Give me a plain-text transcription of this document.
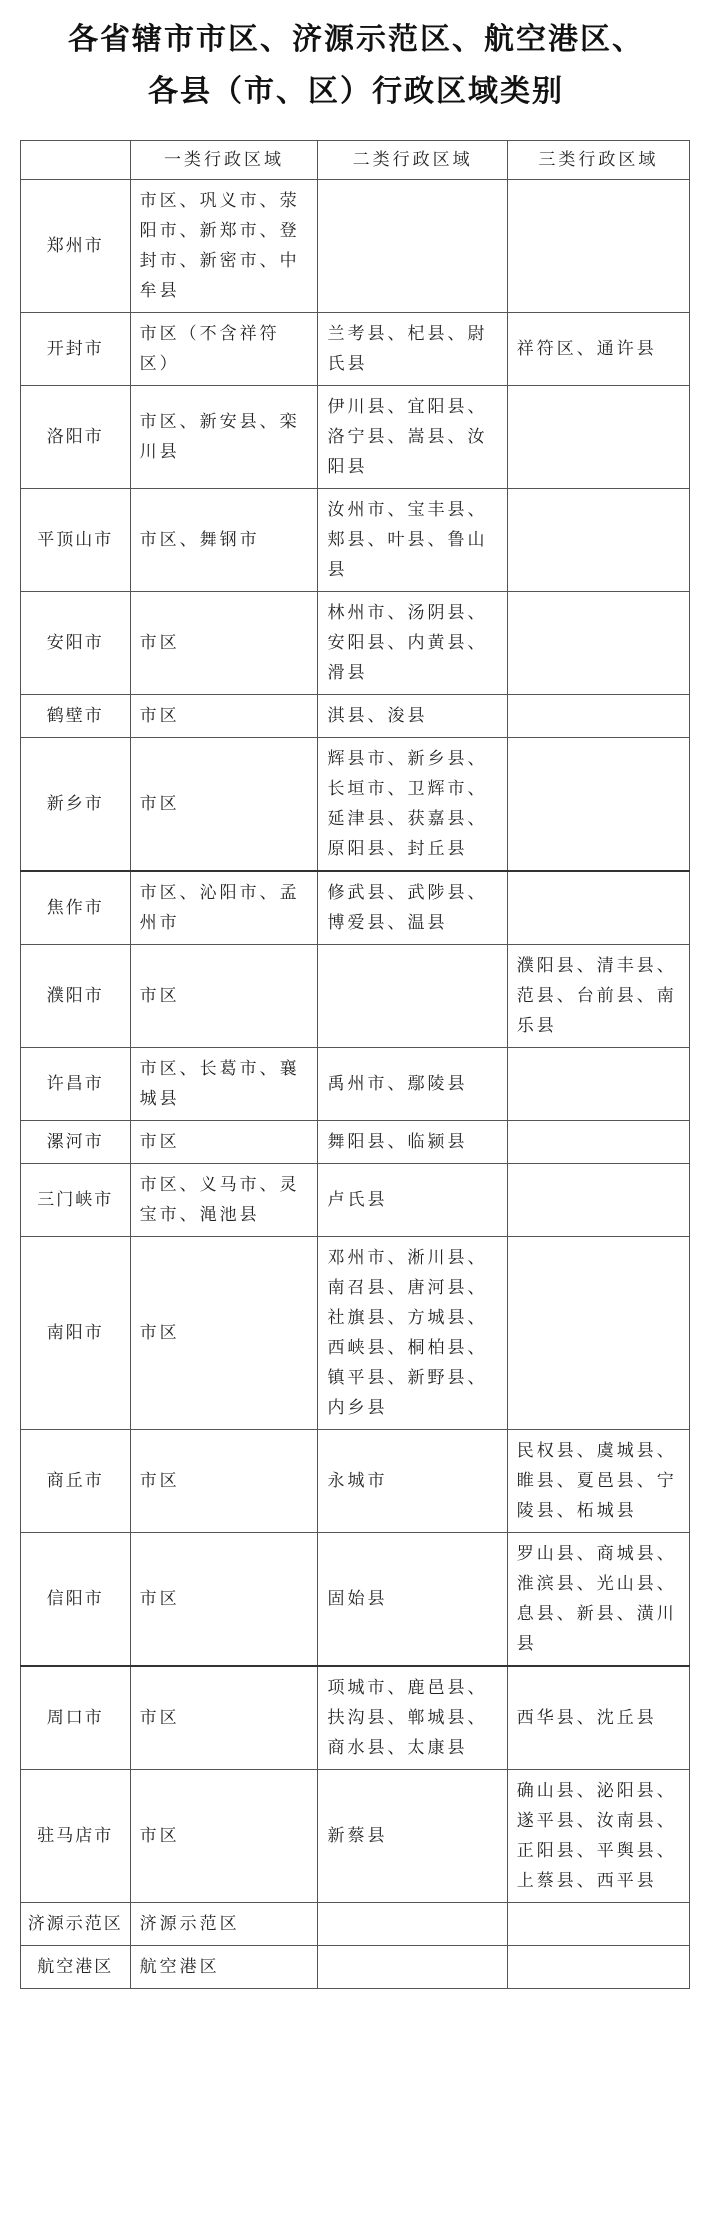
各省辖市市区、济源示范区、航空港区、
各县（市、区）行政区域类别
	一类行政区域	二类行政区域	三类行政区域
郑州市	市区、巩义市、荥阳市、新郑市、登封市、新密市、中牟县		
开封市	市区（不含祥符区）	兰考县、杞县、尉氏县	祥符区、通许县
洛阳市	市区、新安县、栾川县	伊川县、宜阳县、洛宁县、嵩县、汝阳县	
平顶山市	市区、舞钢市	汝州市、宝丰县、郏县、叶县、鲁山县	
安阳市	市区	林州市、汤阴县、安阳县、内黄县、滑县	
鹤壁市	市区	淇县、浚县	
新乡市	市区	辉县市、新乡县、长垣市、卫辉市、延津县、获嘉县、原阳县、封丘县	
焦作市	市区、沁阳市、孟州市	修武县、武陟县、博爱县、温县	
濮阳市	市区		濮阳县、清丰县、范县、台前县、南乐县
许昌市	市区、长葛市、襄城县	禹州市、鄢陵县	
漯河市	市区	舞阳县、临颍县	
三门峡市	市区、义马市、灵宝市、渑池县	卢氏县	
南阳市	市区	邓州市、淅川县、南召县、唐河县、社旗县、方城县、西峡县、桐柏县、镇平县、新野县、内乡县	
商丘市	市区	永城市	民权县、虞城县、睢县、夏邑县、宁陵县、柘城县
信阳市	市区	固始县	罗山县、商城县、淮滨县、光山县、息县、新县、潢川县
周口市	市区	项城市、鹿邑县、扶沟县、郸城县、商水县、太康县	西华县、沈丘县
驻马店市	市区	新蔡县	确山县、泌阳县、遂平县、汝南县、正阳县、平舆县、上蔡县、西平县
济源示范区	济源示范区		
航空港区	航空港区		
